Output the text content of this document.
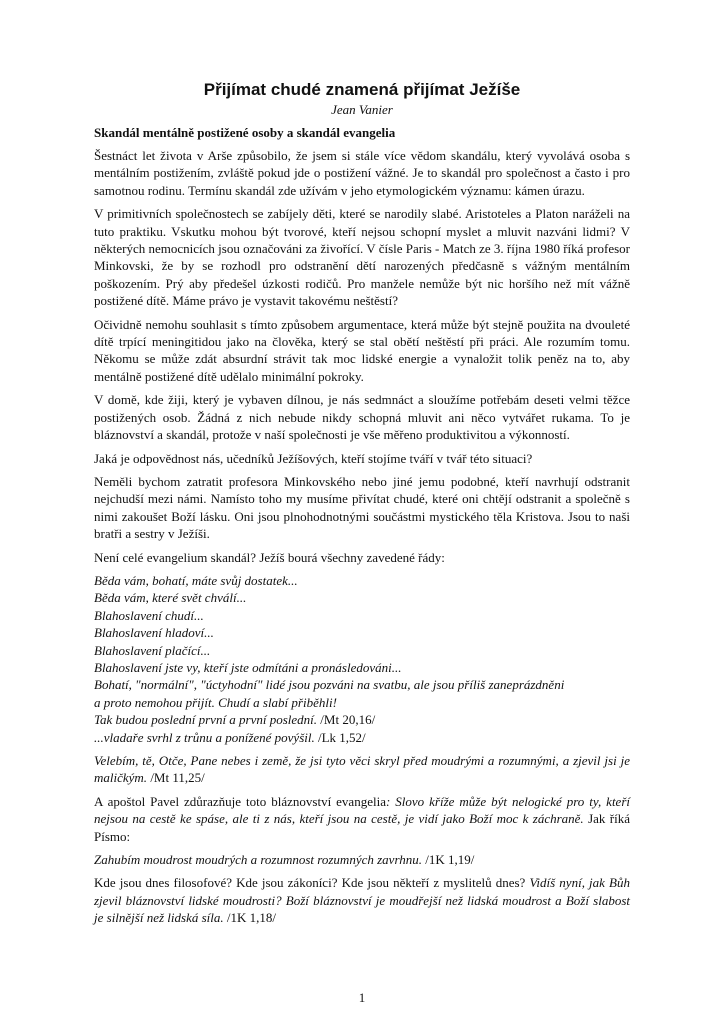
Přijímat chudé znamená přijímat Ježíše
Jean Vanier
Skandál mentálně postižené osoby a skandál evangelia

Šestnáct let života v Arše způsobilo, že jsem si stále více vědom skandálu, který vyvolává osoba s mentálním postižením, zvláště pokud jde o postižení vážné. Je to skandál pro společnost a často i pro samotnou rodinu. Termínu skandál zde užívám v jeho etymologickém významu: kámen úrazu.

V primitivních společnostech se zabíjely děti, které se narodily slabé. Aristoteles a Platon naráželi na tuto praktiku. Vskutku mohou být tvorové, kteří nejsou schopní myslet a mluvit nazváni lidmi? V některých nemocnicích jsou označováni za živořící. V čísle Paris - Match ze 3. října 1980 říká profesor Minkovski, že by se rozhodl pro odstranění dětí narozených předčasně s vážným mentálním poškozením. Prý aby předešel úzkosti rodičů. Pro manžele nemůže být nic horšího než mít vážně postižené dítě. Máme právo je vystavit takovému neštěstí?

Očividně nemohu souhlasit s tímto způsobem argumentace, která může být stejně použita na dvouleté dítě trpící meningitidou jako na člověka, který se stal obětí neštěstí při práci. Ale rozumím tomu. Někomu se může zdát absurdní strávit tak moc lidské energie a vynaložit tolik peněz na to, aby mentálně postižené dítě udělalo minimální pokroky.

V domě, kde žiji, který je vybaven dílnou, je nás sedmnáct a sloužíme potřebám deseti velmi těžce postižených osob. Žádná z nich nebude nikdy schopná mluvit ani něco vytvářet rukama. To je bláznovství a skandál, protože v naší společnosti je vše měřeno produktivitou a výkonností.

Jaká je odpovědnost nás, učedníků Ježíšových, kteří stojíme tváří v tvář této situaci?

Neměli bychom zatratit profesora Minkovského nebo jiné jemu podobné, kteří navrhují odstranit nejchudší mezi námi. Namísto toho my musíme přivítat chudé, které oni chtějí odstranit a společně s nimi zakoušet Boží lásku. Oni jsou plnohodnotnými součástmi mystického těla Kristova. Jsou to naši bratři a sestry v Ježíši.

Není celé evangelium skandál? Ježíš bourá všechny zavedené řády:

Běda vám, bohatí, máte svůj dostatek...
Běda vám, které svět chválí...
Blahoslavení chudí...
Blahoslavení hladoví...
Blahoslavení plačící...
Blahoslavení jste vy, kteří jste odmítáni a pronásledováni...
Bohatí, "normální", "úctyhodní" lidé jsou pozváni na svatbu, ale jsou příliš zaneprázdněni
a proto nemohou přijít. Chudí a slabí přiběhli!
Tak budou poslední první a první poslední. /Mt 20,16/
...vladaře svrhl z trůnu a ponížené povýšil. /Lk 1,52/

Velebím, tě, Otče, Pane nebes i země, že jsi tyto věci skryl před moudrými a rozumnými, a zjevil jsi je maličkým. /Mt 11,25/

A apoštol Pavel zdůrazňuje toto bláznovství evangelia: Slovo kříže může být nelogické pro ty, kteří nejsou na cestě ke spáse, ale ti z nás, kteří jsou na cestě, je vidí jako Boží moc k záchraně. Jak říká Písmo:

Zahubím moudrost moudrých a rozumnost rozumných zavrhnu. /1K 1,19/

Kde jsou dnes filosofové? Kde jsou zákoníci? Kde jsou někteří z myslitelů dnes? Vidíš nyní, jak Bůh zjevil bláznovství lidské moudrosti? Boží bláznovství je moudřejší než lidská moudrost a Boží slabost je silnější než lidská síla. /1K 1,18/

1
